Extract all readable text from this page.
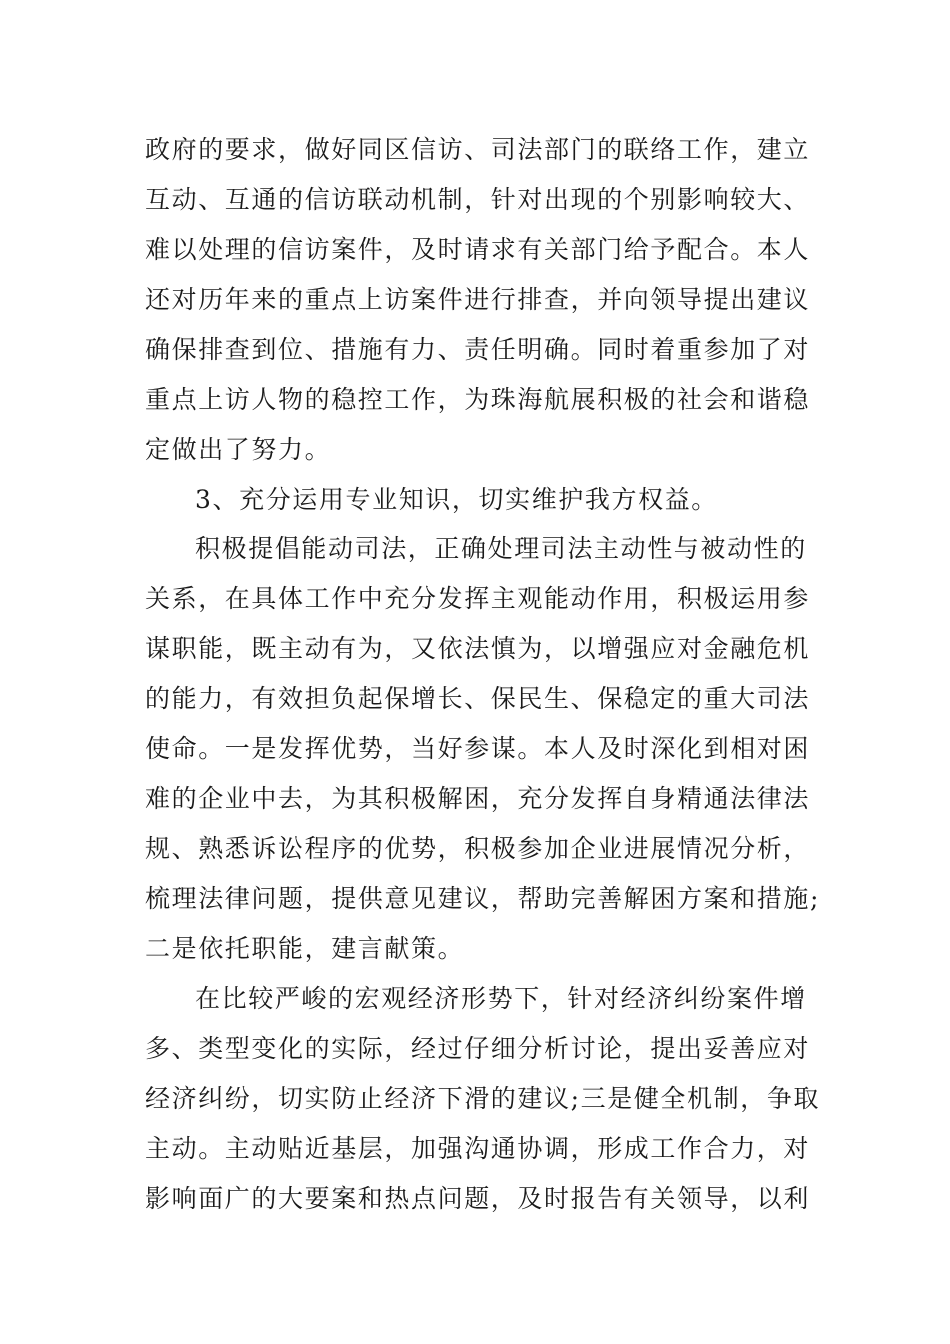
政府的要求，做好同区信访、司法部门的联络工作，建立
互动、互通的信访联动机制，针对出现的个别影响较大、
难以处理的信访案件，及时请求有关部门给予配合。本人
还对历年来的重点上访案件进行排查，并向领导提出建议
确保排查到位、措施有力、责任明确。同时着重参加了对
重点上访人物的稳控工作，为珠海航展积极的社会和谐稳
定做出了努力。
3、充分运用专业知识，切实维护我方权益。
积极提倡能动司法，正确处理司法主动性与被动性的
关系，在具体工作中充分发挥主观能动作用，积极运用参
谋职能，既主动有为，又依法慎为，以增强应对金融危机
的能力，有效担负起保增长、保民生、保稳定的重大司法
使命。一是发挥优势，当好参谋。本人及时深化到相对困
难的企业中去，为其积极解困，充分发挥自身精通法律法
规、熟悉诉讼程序的优势，积极参加企业进展情况分析，
梳理法律问题，提供意见建议，帮助完善解困方案和措施;
二是依托职能，建言献策。
在比较严峻的宏观经济形势下，针对经济纠纷案件增
多、类型变化的实际，经过仔细分析讨论，提出妥善应对
经济纠纷，切实防止经济下滑的建议;三是健全机制，争取
主动。主动贴近基层，加强沟通协调，形成工作合力，对
影响面广的大要案和热点问题，及时报告有关领导，以利
